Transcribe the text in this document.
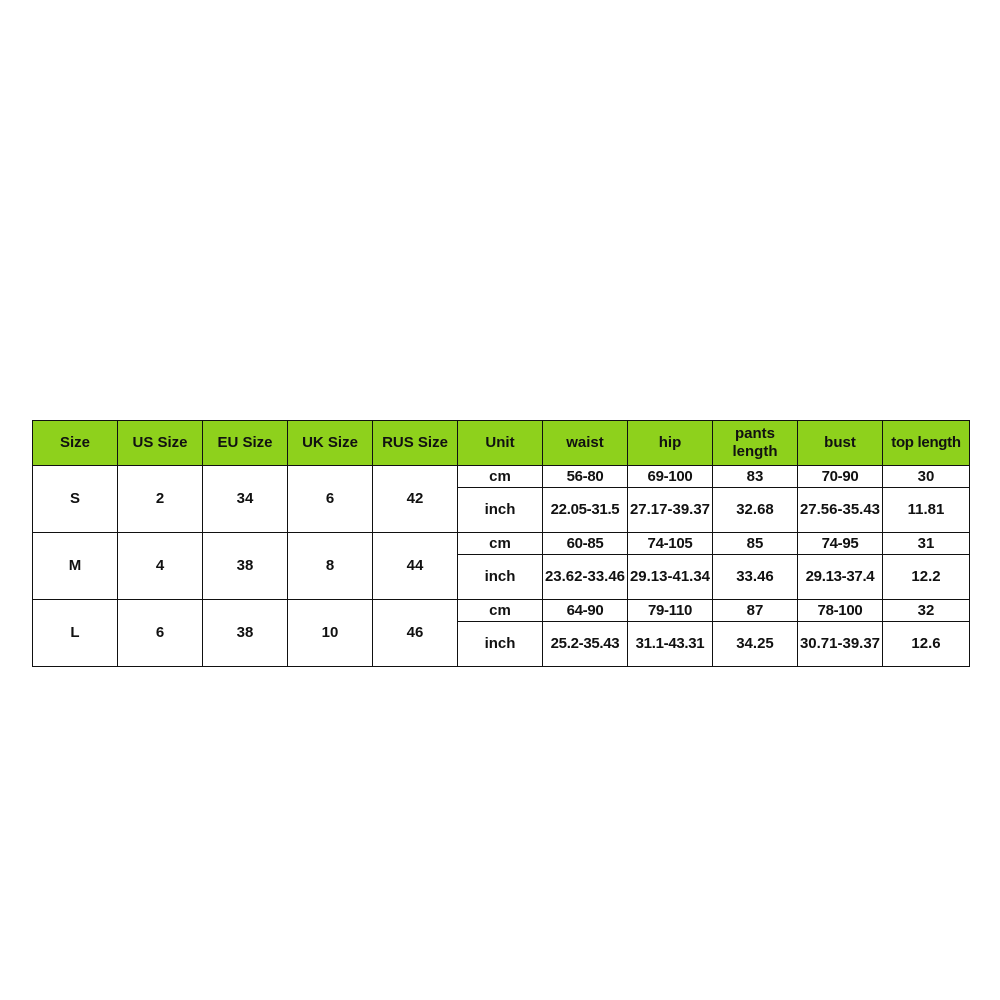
Size	US Size	EU Size	UK Size	RUS Size	Unit	waist	hip	pants length	bust	top length
S	2	34	6	42	cm	56-80	69-100	83	70-90	30
					inch	22.05-31.5	27.17-39.37	32.68	27.56-35.43	11.81
M	4	38	8	44	cm	60-85	74-105	85	74-95	31
					inch	23.62-33.46	29.13-41.34	33.46	29.13-37.4	12.2
L	6	38	10	46	cm	64-90	79-110	87	78-100	32
					inch	25.2-35.43	31.1-43.31	34.25	30.71-39.37	12.6
